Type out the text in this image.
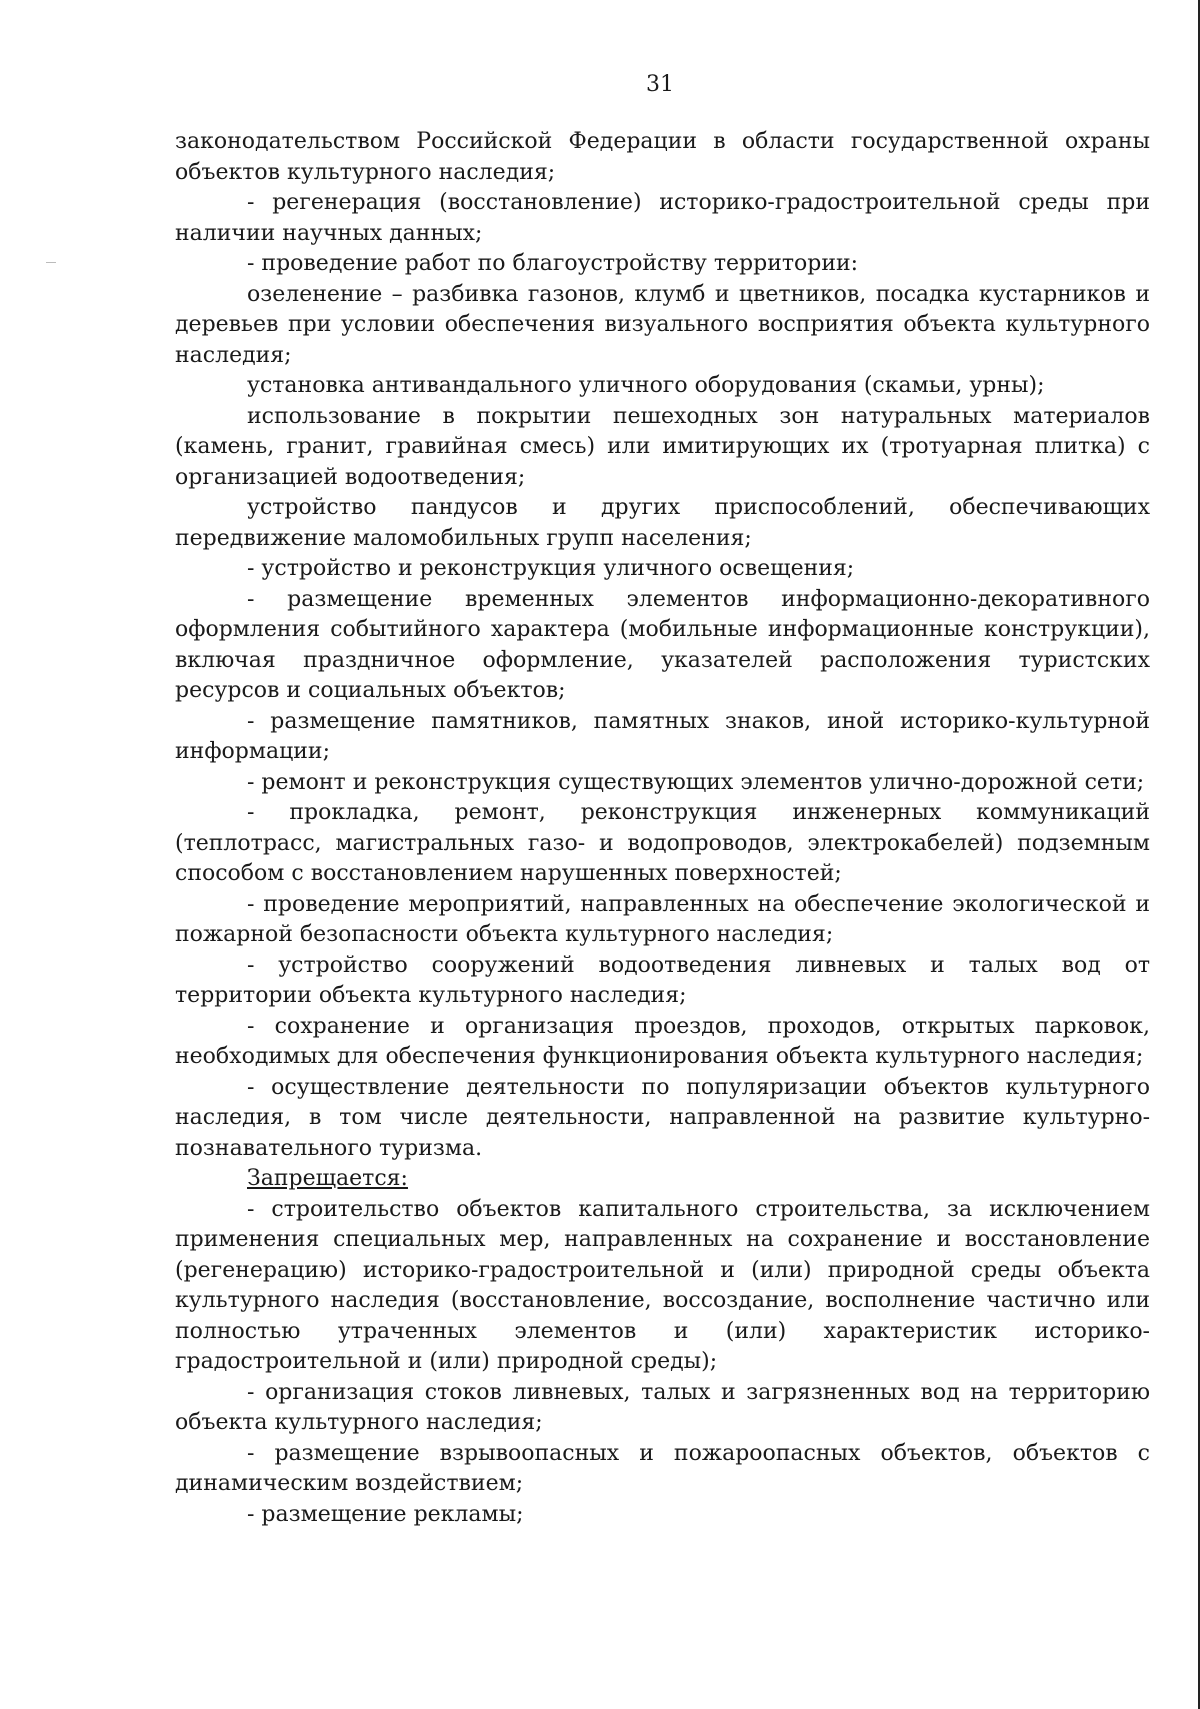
31

законодательством Российской Федерации в области государственной охраны объектов культурного наследия;

- регенерация (восстановление) историко-градостроительной среды при наличии научных данных;

- проведение работ по благоустройству территории:

озеленение – разбивка газонов, клумб и цветников, посадка кустарников и деревьев при условии обеспечения визуального восприятия объекта культурного наследия;

установка антивандального уличного оборудования (скамьи, урны);

использование в покрытии пешеходных зон натуральных материалов (камень, гранит, гравийная смесь) или имитирующих их (тротуарная плитка) с организацией водоотведения;

устройство пандусов и других приспособлений, обеспечивающих передвижение маломобильных групп населения;

- устройство и реконструкция уличного освещения;

- размещение временных элементов информационно-декоративного оформления событийного характера (мобильные информационные конструкции), включая праздничное оформление, указателей расположения туристских ресурсов и социальных объектов;

- размещение памятников, памятных знаков, иной историко-культурной информации;

- ремонт и реконструкция существующих элементов улично-дорожной сети;

- прокладка, ремонт, реконструкция инженерных коммуникаций (теплотрасс, магистральных газо- и водопроводов, электрокабелей) подземным способом с восстановлением нарушенных поверхностей;

- проведение мероприятий, направленных на обеспечение экологической и пожарной безопасности объекта культурного наследия;

- устройство сооружений водоотведения ливневых и талых вод от территории объекта культурного наследия;

- сохранение и организация проездов, проходов, открытых парковок, необходимых для обеспечения функционирования объекта культурного наследия;

- осуществление деятельности по популяризации объектов культурного наследия, в том числе деятельности, направленной на развитие культурно-познавательного туризма.

Запрещается:

- строительство объектов капитального строительства, за исключением применения специальных мер, направленных на сохранение и восстановление (регенерацию) историко-градостроительной и (или) природной среды объекта культурного наследия (восстановление, воссоздание, восполнение частично или полностью утраченных элементов и (или) характеристик историко-градостроительной и (или) природной среды);

- организация стоков ливневых, талых и загрязненных вод на территорию объекта культурного наследия;

- размещение взрывоопасных и пожароопасных объектов, объектов с динамическим воздействием;

- размещение рекламы;
